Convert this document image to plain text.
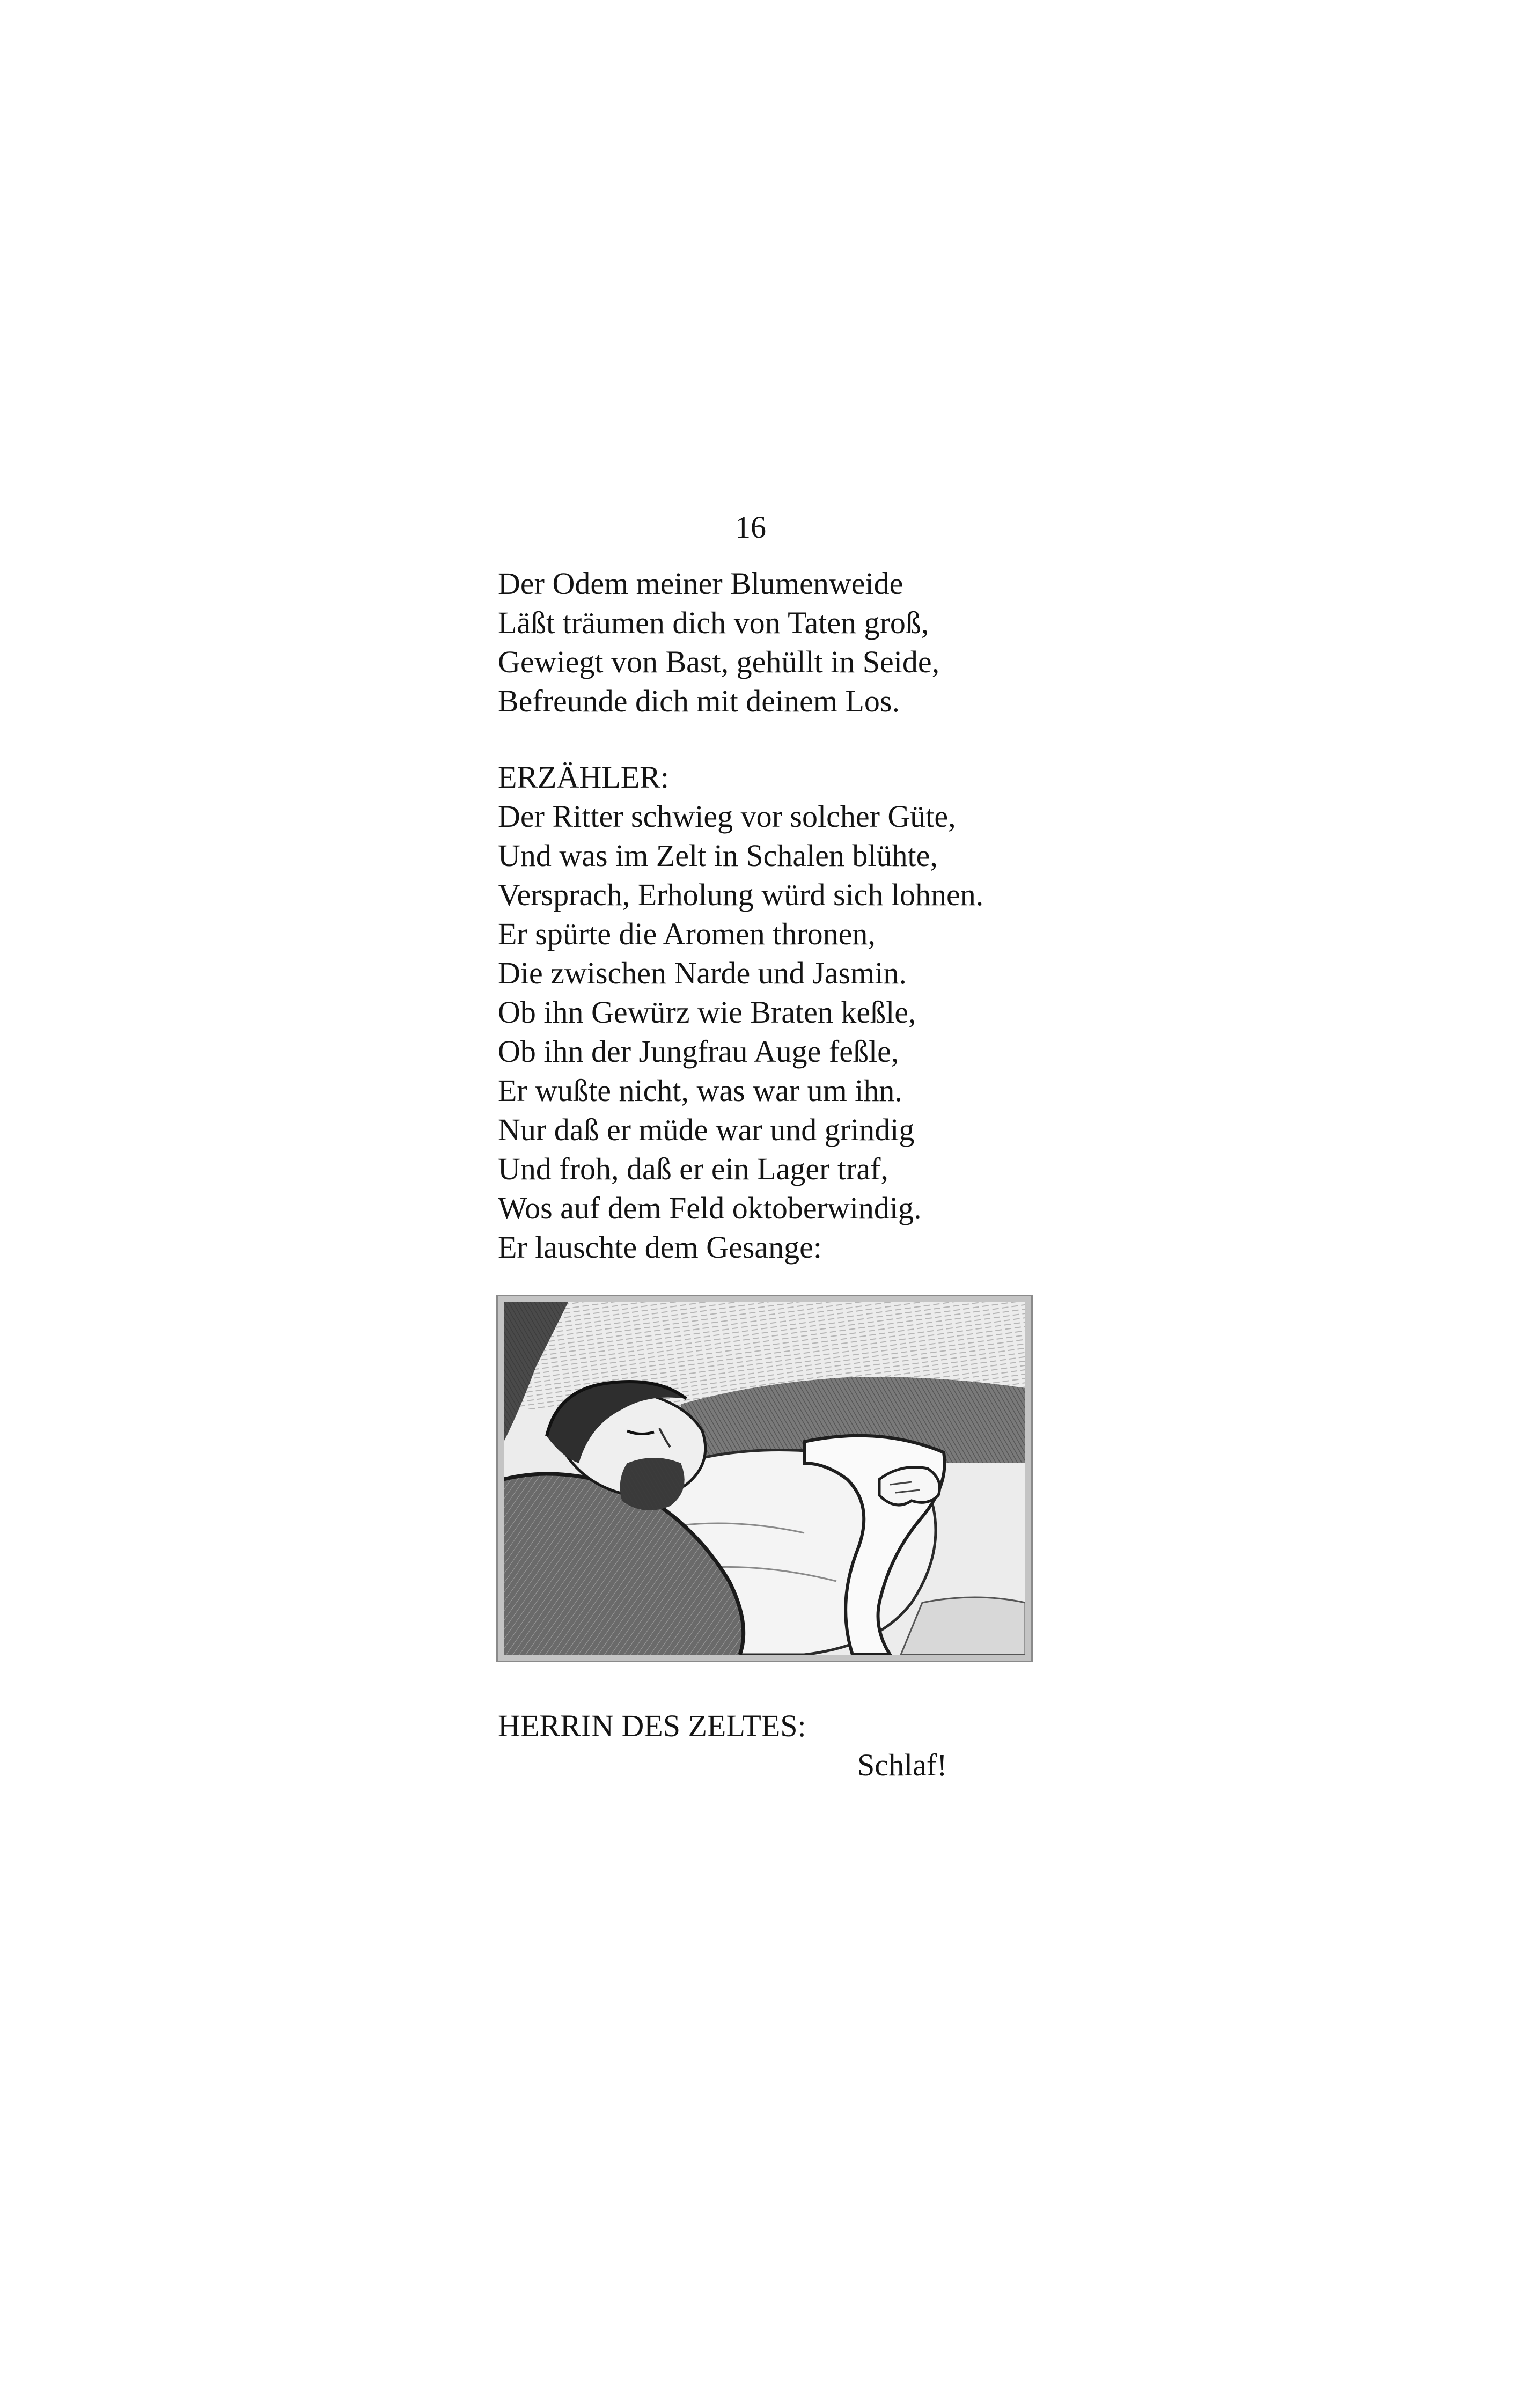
16
Der Odem meiner Blumenweide
Läßt träumen dich von Taten groß,
Gewiegt von Bast, gehüllt in Seide,
Befreunde dich mit deinem Los.
ERZÄHLER:
Der Ritter schwieg vor solcher Güte,
Und was im Zelt in Schalen blühte,
Versprach, Erholung würd sich lohnen.
Er spürte die Aromen thronen,
Die zwischen Narde und Jasmin.
Ob ihn Gewürz wie Braten keßle,
Ob ihn der Jungfrau Auge feßle,
Er wußte nicht, was war um ihn.
Nur daß er müde war und grindig
Und froh, daß er ein Lager traf,
Wos auf dem Feld oktoberwindig.
Er lauschte dem Gesange:
HERRIN DES ZELTES:
Schlaf!
